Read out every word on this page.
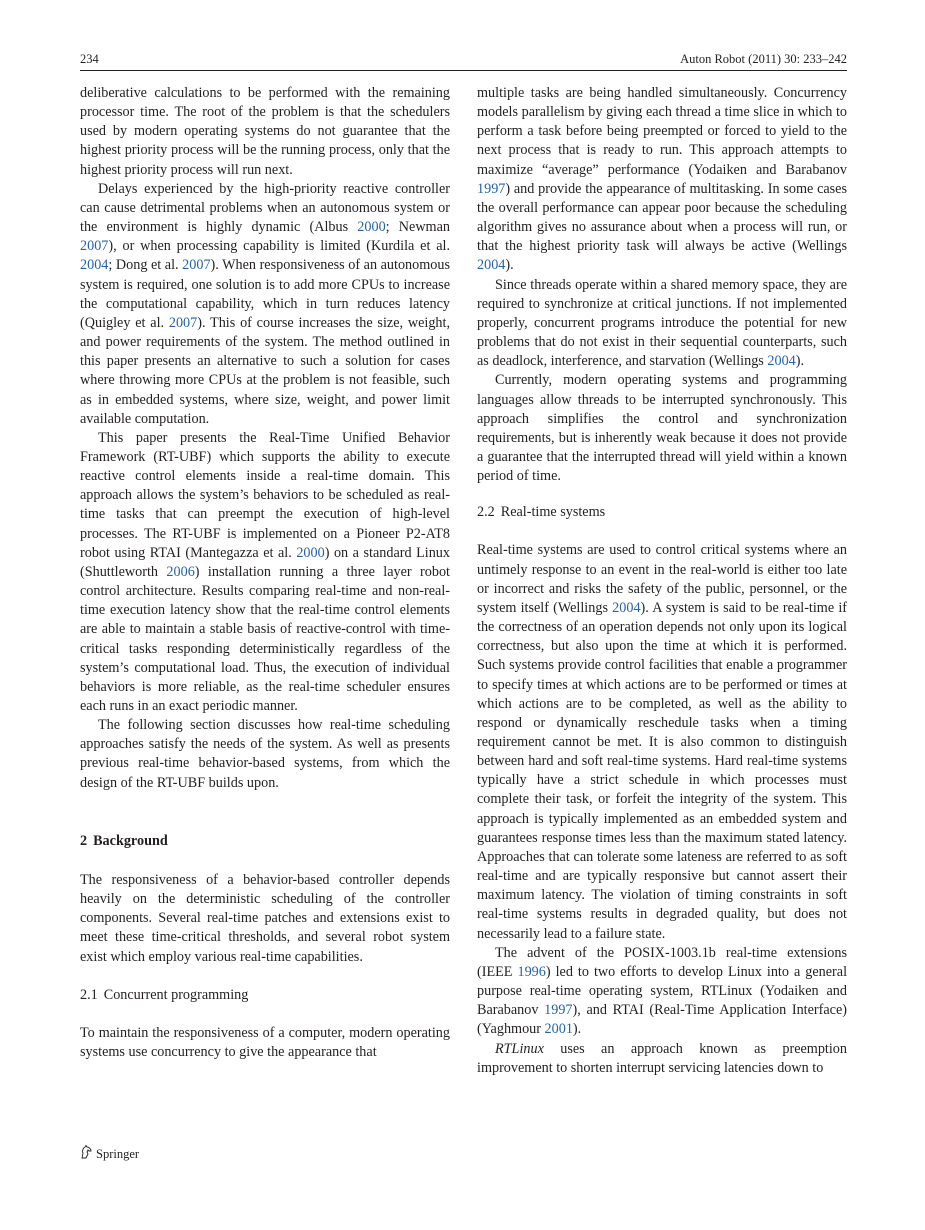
234	Auton Robot (2011) 30: 233–242

deliberative calculations to be performed with the remaining processor time. The root of the problem is that the schedulers used by modern operating systems do not guarantee that the highest priority process will be the running process, only that the highest priority process will run next.

Delays experienced by the high-priority reactive controller can cause detrimental problems when an autonomous system or the environment is highly dynamic (Albus 2000; Newman 2007), or when processing capability is limited (Kurdila et al. 2004; Dong et al. 2007). When responsiveness of an autonomous system is required, one solution is to add more CPUs to increase the computational capability, which in turn reduces latency (Quigley et al. 2007). This of course increases the size, weight, and power requirements of the system. The method outlined in this paper presents an alternative to such a solution for cases where throwing more CPUs at the problem is not feasible, such as in embedded systems, where size, weight, and power limit available computation.

This paper presents the Real-Time Unified Behavior Framework (RT-UBF) which supports the ability to execute reactive control elements inside a real-time domain. This approach allows the system’s behaviors to be scheduled as real-time tasks that can preempt the execution of high-level processes. The RT-UBF is implemented on a Pioneer P2-AT8 robot using RTAI (Mantegazza et al. 2000) on a standard Linux (Shuttleworth 2006) installation running a three layer robot control architecture. Results comparing real-time and non-real-time execution latency show that the real-time control elements are able to maintain a stable basis of reactive-control with time-critical tasks responding deterministically regardless of the system’s computational load. Thus, the execution of individual behaviors is more reliable, as the real-time scheduler ensures each runs in an exact periodic manner.

The following section discusses how real-time scheduling approaches satisfy the needs of the system. As well as presents previous real-time behavior-based systems, from which the design of the RT-UBF builds upon.

2 Background

The responsiveness of a behavior-based controller depends heavily on the deterministic scheduling of the controller components. Several real-time patches and extensions exist to meet these time-critical thresholds, and several robot system exist which employ various real-time capabilities.

2.1 Concurrent programming

To maintain the responsiveness of a computer, modern operating systems use concurrency to give the appearance that

multiple tasks are being handled simultaneously. Concurrency models parallelism by giving each thread a time slice in which to perform a task before being preempted or forced to yield to the next process that is ready to run. This approach attempts to maximize “average” performance (Yodaiken and Barabanov 1997) and provide the appearance of multitasking. In some cases the overall performance can appear poor because the scheduling algorithm gives no assurance about when a process will run, or that the highest priority task will always be active (Wellings 2004).

Since threads operate within a shared memory space, they are required to synchronize at critical junctions. If not implemented properly, concurrent programs introduce the potential for new problems that do not exist in their sequential counterparts, such as deadlock, interference, and starvation (Wellings 2004).

Currently, modern operating systems and programming languages allow threads to be interrupted synchronously. This approach simplifies the control and synchronization requirements, but is inherently weak because it does not provide a guarantee that the interrupted thread will yield within a known period of time.

2.2 Real-time systems

Real-time systems are used to control critical systems where an untimely response to an event in the real-world is either too late or incorrect and risks the safety of the public, personnel, or the system itself (Wellings 2004). A system is said to be real-time if the correctness of an operation depends not only upon its logical correctness, but also upon the time at which it is performed. Such systems provide control facilities that enable a programmer to specify times at which actions are to be performed or times at which actions are to be completed, as well as the ability to respond or dynamically reschedule tasks when a timing requirement cannot be met. It is also common to distinguish between hard and soft real-time systems. Hard real-time systems typically have a strict schedule in which processes must complete their task, or forfeit the integrity of the system. This approach is typically implemented as an embedded system and guarantees response times less than the maximum stated latency. Approaches that can tolerate some lateness are referred to as soft real-time and are typically responsive but cannot assert their maximum latency. The violation of timing constraints in soft real-time systems results in degraded quality, but does not necessarily lead to a failure state.

The advent of the POSIX-1003.1b real-time extensions (IEEE 1996) led to two efforts to develop Linux into a general purpose real-time operating system, RTLinux (Yodaiken and Barabanov 1997), and RTAI (Real-Time Application Interface) (Yaghmour 2001).

RTLinux uses an approach known as preemption improvement to shorten interrupt servicing latencies down to

Springer
